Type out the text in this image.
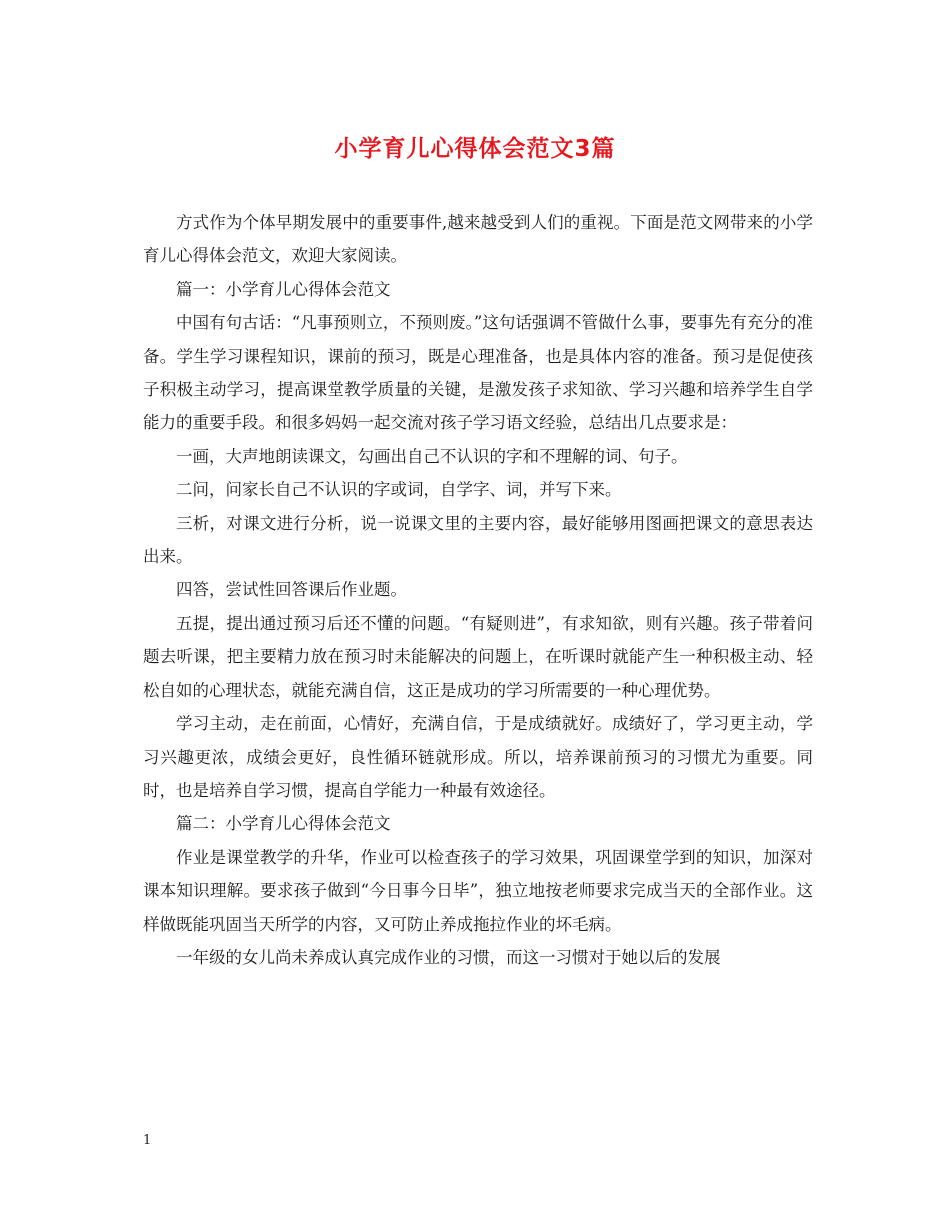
小学育儿心得体会范文3篇

方式作为个体早期发展中的重要事件,越来越受到人们的重视。下面是范文网带来的小学育儿心得体会范文，欢迎大家阅读。

篇一：小学育儿心得体会范文

中国有句古话：“凡事预则立，不预则废。”这句话强调不管做什么事，要事先有充分的准备。学生学习课程知识，课前的预习，既是心理准备，也是具体内容的准备。预习是促使孩子积极主动学习，提高课堂教学质量的关键，是激发孩子求知欲、学习兴趣和培养学生自学能力的重要手段。和很多妈妈一起交流对孩子学习语文经验，总结出几点要求是：

一画，大声地朗读课文，勾画出自己不认识的字和不理解的词、句子。

二问，问家长自己不认识的字或词，自学字、词，并写下来。

三析，对课文进行分析，说一说课文里的主要内容，最好能够用图画把课文的意思表达出来。

四答，尝试性回答课后作业题。

五提，提出通过预习后还不懂的问题。“有疑则进”，有求知欲，则有兴趣。孩子带着问题去听课，把主要精力放在预习时未能解决的问题上，在听课时就能产生一种积极主动、轻松自如的心理状态，就能充满自信，这正是成功的学习所需要的一种心理优势。

学习主动，走在前面，心情好，充满自信，于是成绩就好。成绩好了，学习更主动，学习兴趣更浓，成绩会更好，良性循环链就形成。所以，培养课前预习的习惯尤为重要。同时，也是培养自学习惯，提高自学能力一种最有效途径。

篇二：小学育儿心得体会范文

作业是课堂教学的升华，作业可以检查孩子的学习效果，巩固课堂学到的知识，加深对课本知识理解。要求孩子做到“今日事今日毕”，独立地按老师要求完成当天的全部作业。这样做既能巩固当天所学的内容，又可防止养成拖拉作业的坏毛病。

一年级的女儿尚未养成认真完成作业的习惯，而这一习惯对于她以后的发展

1
